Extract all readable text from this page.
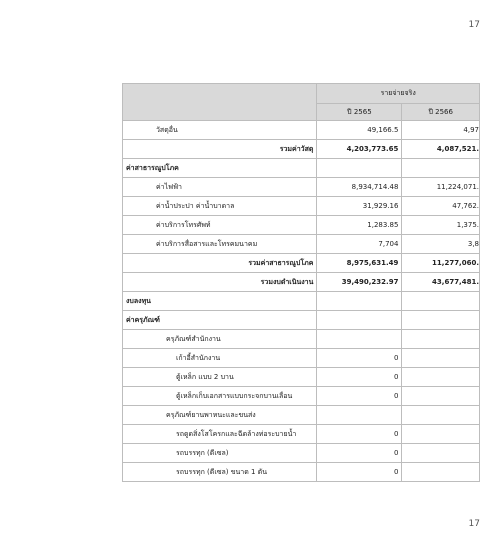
17
	รายจ่ายจริง	
	ปี 2565	ปี 2566
วัสดุอื่น	49,166.5	4,97
รวมค่าวัสดุ	4,203,773.65	4,087,521.
ค่าสาธารณูปโภค		
ค่าไฟฟ้า	8,934,714.48	11,224,071.
ค่าน้ำประปา ค่าน้ำบาดาล	31,929.16	47,762.
ค่าบริการโทรศัพท์	1,283.85	1,375.
ค่าบริการสื่อสารและโทรคมนาคม	7,704	3,8
รวมค่าสาธารณูปโภค	8,975,631.49	11,277,060.
รวมงบดำเนินงาน	39,490,232.97	43,677,481.
งบลงทุน		
ค่าครุภัณฑ์		
ครุภัณฑ์สำนักงาน		
เก้าอี้สำนักงาน	0	
ตู้เหล็ก แบบ 2 บาน	0	
ตู้เหล็กเก็บเอกสารแบบกระจกบานเลื่อน	0	
ครุภัณฑ์ยานพาหนะและขนส่ง		
รถดูดสิ่งโสโครกและฉีดล้างท่อระบายน้ำ	0	
รถบรรทุก (ดีเซล)	0	
รถบรรทุก (ดีเซล) ขนาด 1 ตัน	0	
17
